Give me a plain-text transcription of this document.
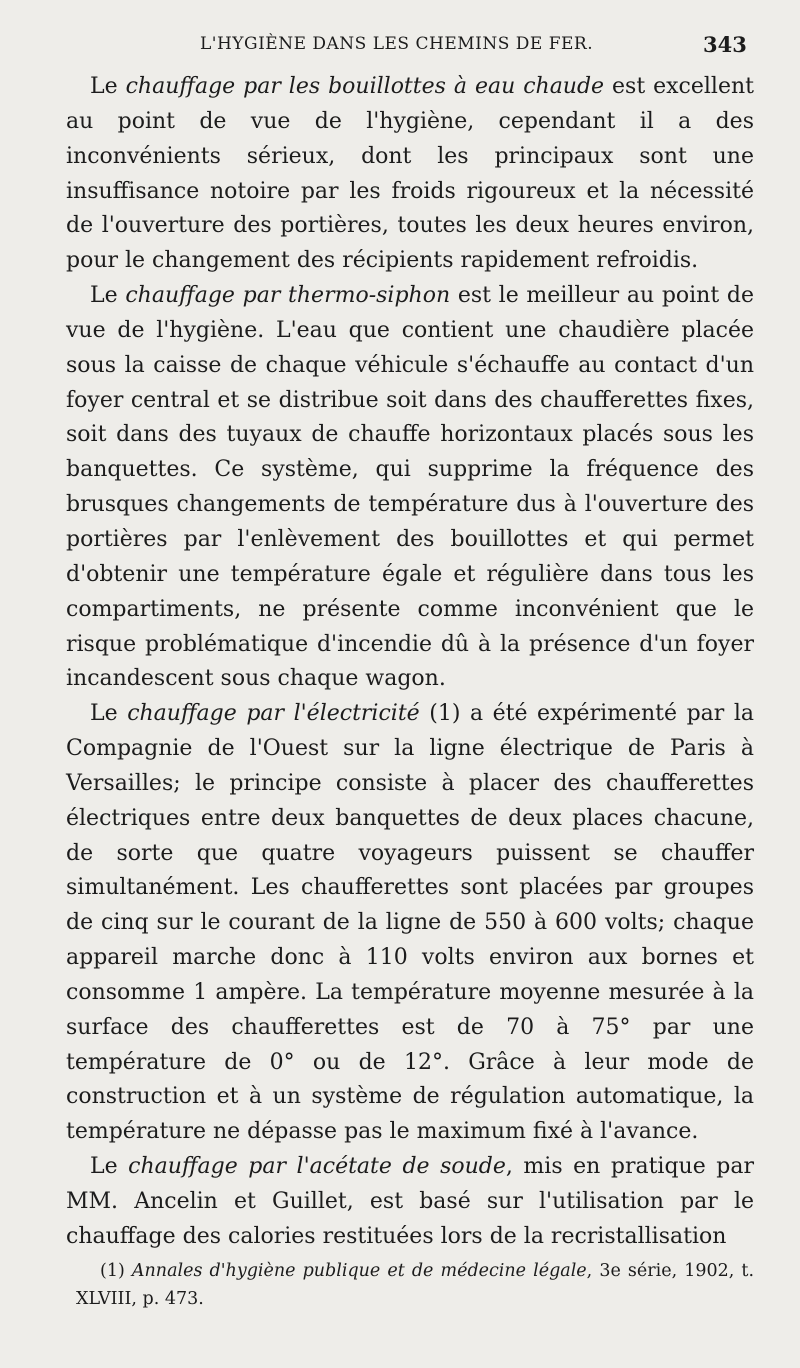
L'HYGIÈNE DANS LES CHEMINS DE FER.	343

Le chauffage par les bouillottes à eau chaude est excellent au point de vue de l'hygiène, cependant il a des inconvénients sérieux, dont les principaux sont une insuffisance notoire par les froids rigoureux et la nécessité de l'ouverture des portières, toutes les deux heures environ, pour le changement des récipients rapidement refroidis.

Le chauffage par thermo-siphon est le meilleur au point de vue de l'hygiène. L'eau que contient une chaudière placée sous la caisse de chaque véhicule s'échauffe au contact d'un foyer central et se distribue soit dans des chaufferettes fixes, soit dans des tuyaux de chauffe horizontaux placés sous les banquettes. Ce système, qui supprime la fréquence des brusques changements de température dus à l'ouverture des portières par l'enlèvement des bouillottes et qui permet d'obtenir une température égale et régulière dans tous les compartiments, ne présente comme inconvénient que le risque problématique d'incendie dû à la présence d'un foyer incandescent sous chaque wagon.

Le chauffage par l'électricité (1) a été expérimenté par la Compagnie de l'Ouest sur la ligne électrique de Paris à Versailles; le principe consiste à placer des chaufferettes électriques entre deux banquettes de deux places chacune, de sorte que quatre voyageurs puissent se chauffer simultanément. Les chaufferettes sont placées par groupes de cinq sur le courant de la ligne de 550 à 600 volts; chaque appareil marche donc à 110 volts environ aux bornes et consomme 1 ampère. La température moyenne mesurée à la surface des chaufferettes est de 70 à 75° par une température de 0° ou de 12°. Grâce à leur mode de construction et à un système de régulation automatique, la température ne dépasse pas le maximum fixé à l'avance.

Le chauffage par l'acétate de soude, mis en pratique par MM. Ancelin et Guillet, est basé sur l'utilisation par le chauffage des calories restituées lors de la recristallisation

(1) Annales d'hygiène publique et de médecine légale, 3e série, 1902, t. XLVIII, p. 473.
